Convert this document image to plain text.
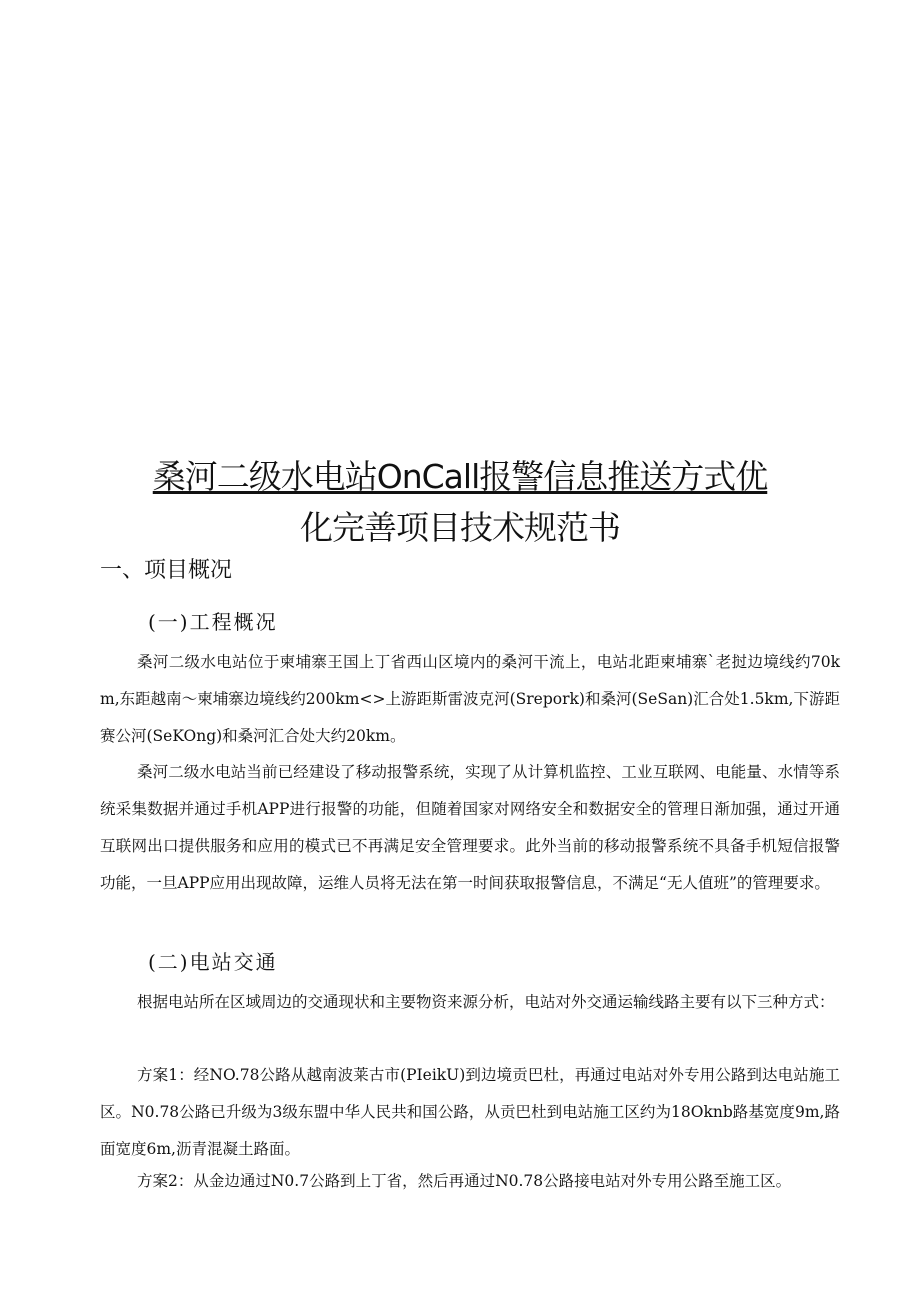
桑河二级水电站OnCall报警信息推送方式优
化完善项目技术规范书
一、项目概况
(一)工程概况

桑河二级水电站位于柬埔寨王国上丁省西山区境内的桑河干流上，电站北距柬埔寨ˋ老挝边境线约70km,东距越南～柬埔寨边境线约200km<>上游距斯雷波克河(Srepork)和桑河(SeSan)汇合处1.5km,下游距赛公河(SeKOng)和桑河汇合处大约20km。

桑河二级水电站当前已经建设了移动报警系统，实现了从计算机监控、工业互联网、电能量、水情等系统采集数据并通过手机APP进行报警的功能，但随着国家对网络安全和数据安全的管理日渐加强，通过开通互联网出口提供服务和应用的模式已不再满足安全管理要求。此外当前的移动报警系统不具备手机短信报警功能，一旦APP应用出现故障，运维人员将无法在第一时间获取报警信息，不满足“无人值班”的管理要求。

(二)电站交通

根据电站所在区域周边的交通现状和主要物资来源分析，电站对外交通运输线路主要有以下三种方式：

方案1：经NO.78公路从越南波莱古市(PIeikU)到边境贡巴杜，再通过电站对外专用公路到达电站施工区。N0.78公路已升级为3级东盟中华人民共和国公路，从贡巴杜到电站施工区约为18Oknb路基宽度9m,路面宽度6m,沥青混凝土路面。

方案2：从金边通过N0.7公路到上丁省，然后再通过N0.78公路接电站对外专用公路至施工区。
